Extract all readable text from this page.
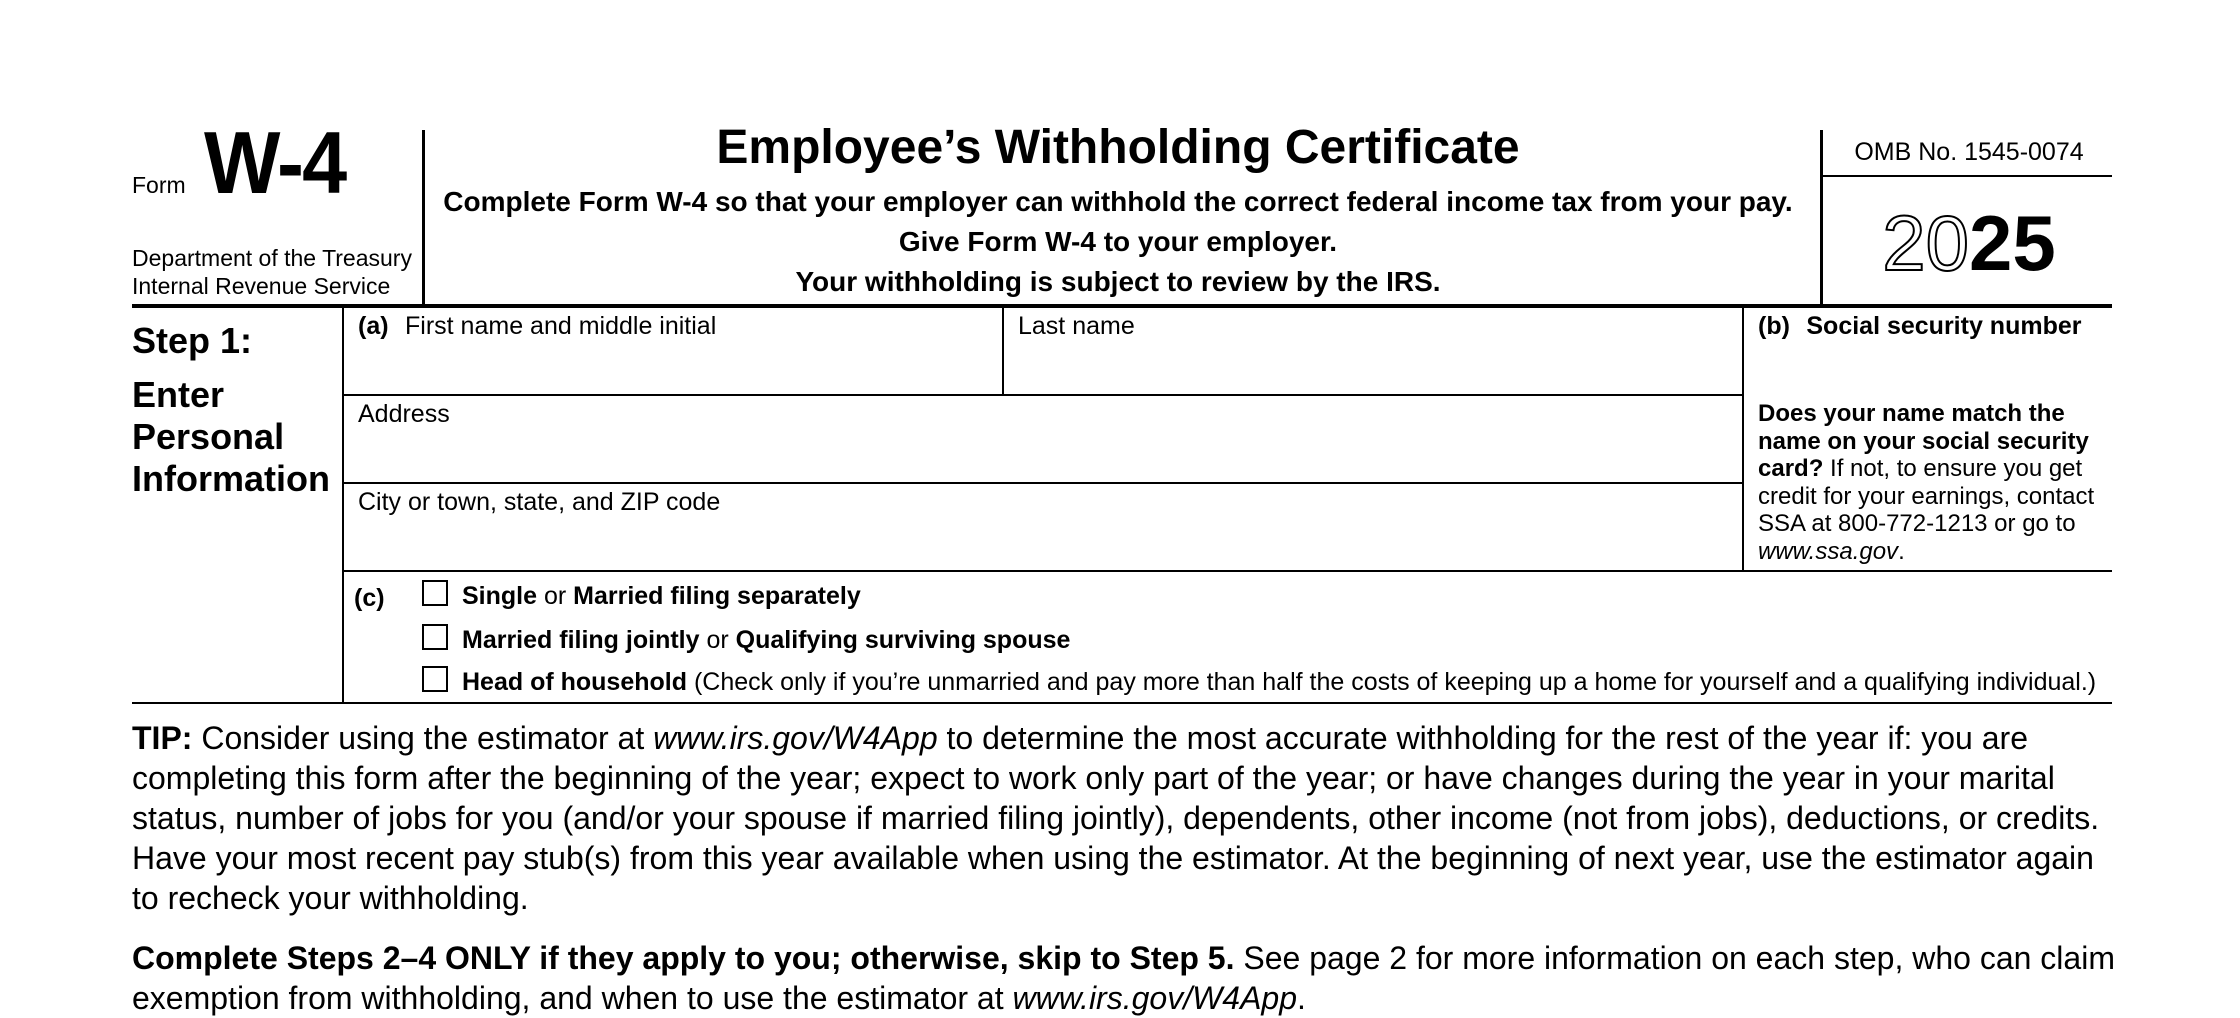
Form W-4
Department of the Treasury
Internal Revenue Service
Employee’s Withholding Certificate
Complete Form W-4 so that your employer can withhold the correct federal income tax from your pay.
Give Form W-4 to your employer.
Your withholding is subject to review by the IRS.
OMB No. 1545-0074
2025
Step 1:
Enter Personal Information
(a) First name and middle initial	Last name	(b) Social security number
Address
City or town, state, and ZIP code
Does your name match the name on your social security card? If not, to ensure you get credit for your earnings, contact SSA at 800-772-1213 or go to www.ssa.gov.
(c)	Single or Married filing separately
Married filing jointly or Qualifying surviving spouse
Head of household (Check only if you’re unmarried and pay more than half the costs of keeping up a home for yourself and a qualifying individual.)
TIP: Consider using the estimator at www.irs.gov/W4App to determine the most accurate withholding for the rest of the year if: you are completing this form after the beginning of the year; expect to work only part of the year; or have changes during the year in your marital status, number of jobs for you (and/or your spouse if married filing jointly), dependents, other income (not from jobs), deductions, or credits. Have your most recent pay stub(s) from this year available when using the estimator. At the beginning of next year, use the estimator again to recheck your withholding.
Complete Steps 2–4 ONLY if they apply to you; otherwise, skip to Step 5. See page 2 for more information on each step, who can claim exemption from withholding, and when to use the estimator at www.irs.gov/W4App.
